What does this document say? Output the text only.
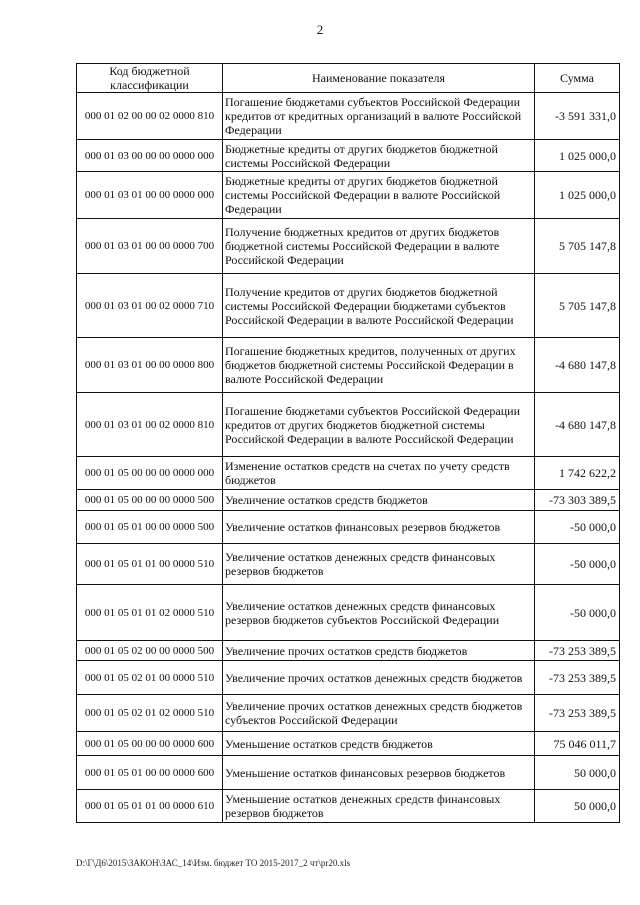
2
Код бюджетной классификации	Наименование показателя	Сумма
000 01 02 00 00 02 0000 810	Погашение бюджетами субъектов Российской Федерации кредитов от кредитных организаций в валюте Российской Федерации	-3 591 331,0
000 01 03 00 00 00 0000 000	Бюджетные кредиты от других бюджетов бюджетной системы Российской Федерации	1 025 000,0
000 01 03 01 00 00 0000 000	Бюджетные кредиты от других бюджетов бюджетной системы Российской Федерации в валюте Российской Федерации	1 025 000,0
000 01 03 01 00 00 0000 700	Получение бюджетных кредитов от других бюджетов бюджетной системы Российской Федерации в валюте Российской Федерации	5 705 147,8
000 01 03 01 00 02 0000 710	Получение кредитов от других бюджетов бюджетной системы Российской Федерации бюджетами субъектов Российской Федерации в валюте Российской Федерации	5 705 147,8
000 01 03 01 00 00 0000 800	Погашение бюджетных кредитов, полученных от других бюджетов бюджетной системы Российской Федерации в валюте Российской Федерации	-4 680 147,8
000 01 03 01 00 02 0000 810	Погашение бюджетами субъектов Российской Федерации кредитов от других бюджетов бюджетной системы Российской Федерации в валюте Российской Федерации	-4 680 147,8
000 01 05 00 00 00 0000 000	Изменение остатков средств на счетах по учету средств бюджетов	1 742 622,2
000 01 05 00 00 00 0000 500	Увеличение остатков средств бюджетов	-73 303 389,5
000 01 05 01 00 00 0000 500	Увеличение остатков финансовых резервов бюджетов	-50 000,0
000 01 05 01 01 00 0000 510	Увеличение остатков денежных средств финансовых резервов бюджетов	-50 000,0
000 01 05 01 01 02 0000 510	Увеличение остатков денежных средств финансовых резервов бюджетов субъектов Российской Федерации	-50 000,0
000 01 05 02 00 00 0000 500	Увеличение прочих остатков средств бюджетов	-73 253 389,5
000 01 05 02 01 00 0000 510	Увеличение прочих остатков денежных средств бюджетов	-73 253 389,5
000 01 05 02 01 02 0000 510	Увеличение прочих остатков денежных средств бюджетов субъектов Российской Федерации	-73 253 389,5
000 01 05 00 00 00 0000 600	Уменьшение остатков средств бюджетов	75 046 011,7
000 01 05 01 00 00 0000 600	Уменьшение остатков финансовых резервов бюджетов	50 000,0
000 01 05 01 01 00 0000 610	Уменьшение остатков денежных средств финансовых резервов бюджетов	50 000,0
D:\Г\Д6\2015\ЗАКОН\ЗАС_14\Изм. бюджет ТО 2015-2017_2 чт\pr20.xls
